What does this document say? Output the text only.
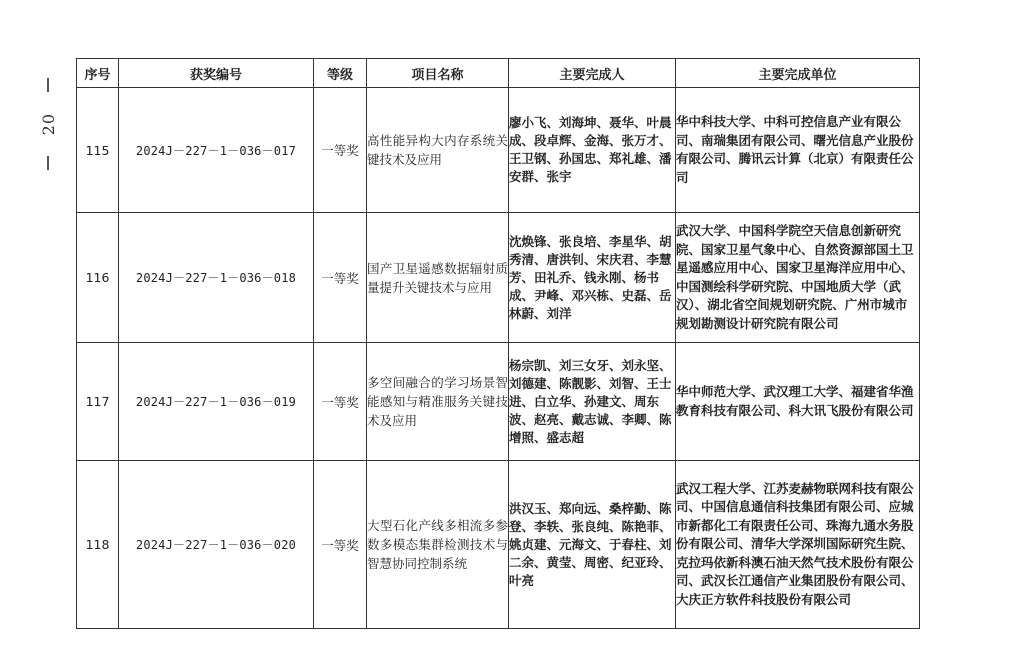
20
序号	获奖编号	等级	项目名称	主要完成人	主要完成单位
115	2024J－227－1－036－017	一等奖	高性能异构大内存系统关键技术及应用	廖小飞、刘海坤、聂华、叶晨成、段卓辉、金海、张万才、王卫钢、孙国忠、郑礼雄、潘安群、张宇	华中科技大学、中科可控信息产业有限公司、南瑞集团有限公司、曙光信息产业股份有限公司、腾讯云计算（北京）有限责任公司
116	2024J－227－1－036－018	一等奖	国产卫星遥感数据辐射质量提升关键技术与应用	沈焕锋、张良培、李星华、胡秀清、唐洪钊、宋庆君、李慧芳、田礼乔、钱永刚、杨书成、尹峰、邓兴栋、史磊、岳林蔚、刘洋	武汉大学、中国科学院空天信息创新研究院、国家卫星气象中心、自然资源部国土卫星遥感应用中心、国家卫星海洋应用中心、中国测绘科学研究院、中国地质大学（武汉）、湖北省空间规划研究院、广州市城市规划勘测设计研究院有限公司
117	2024J－227－1－036－019	一等奖	多空间融合的学习场景智能感知与精准服务关键技术及应用	杨宗凯、刘三女牙、刘永坚、刘德建、陈靓影、刘智、王士进、白立华、孙建文、周东波、赵亮、戴志诚、李卿、陈增照、盛志超	华中师范大学、武汉理工大学、福建省华渔教育科技有限公司、科大讯飞股份有限公司
118	2024J－227－1－036－020	一等奖	大型石化产线多相流多参数多模态集群检测技术与智慧协同控制系统	洪汉玉、郑向远、桑梓勤、陈登、李轶、张良纯、陈艳菲、姚贞建、元海文、于春柱、刘二余、黄莹、周密、纪亚玲、叶亮	武汉工程大学、江苏麦赫物联网科技有限公司、中国信息通信科技集团有限公司、应城市新都化工有限责任公司、珠海九通水务股份有限公司、清华大学深圳国际研究生院、克拉玛依新科澳石油天然气技术股份有限公司、武汉长江通信产业集团股份有限公司、大庆正方软件科技股份有限公司
